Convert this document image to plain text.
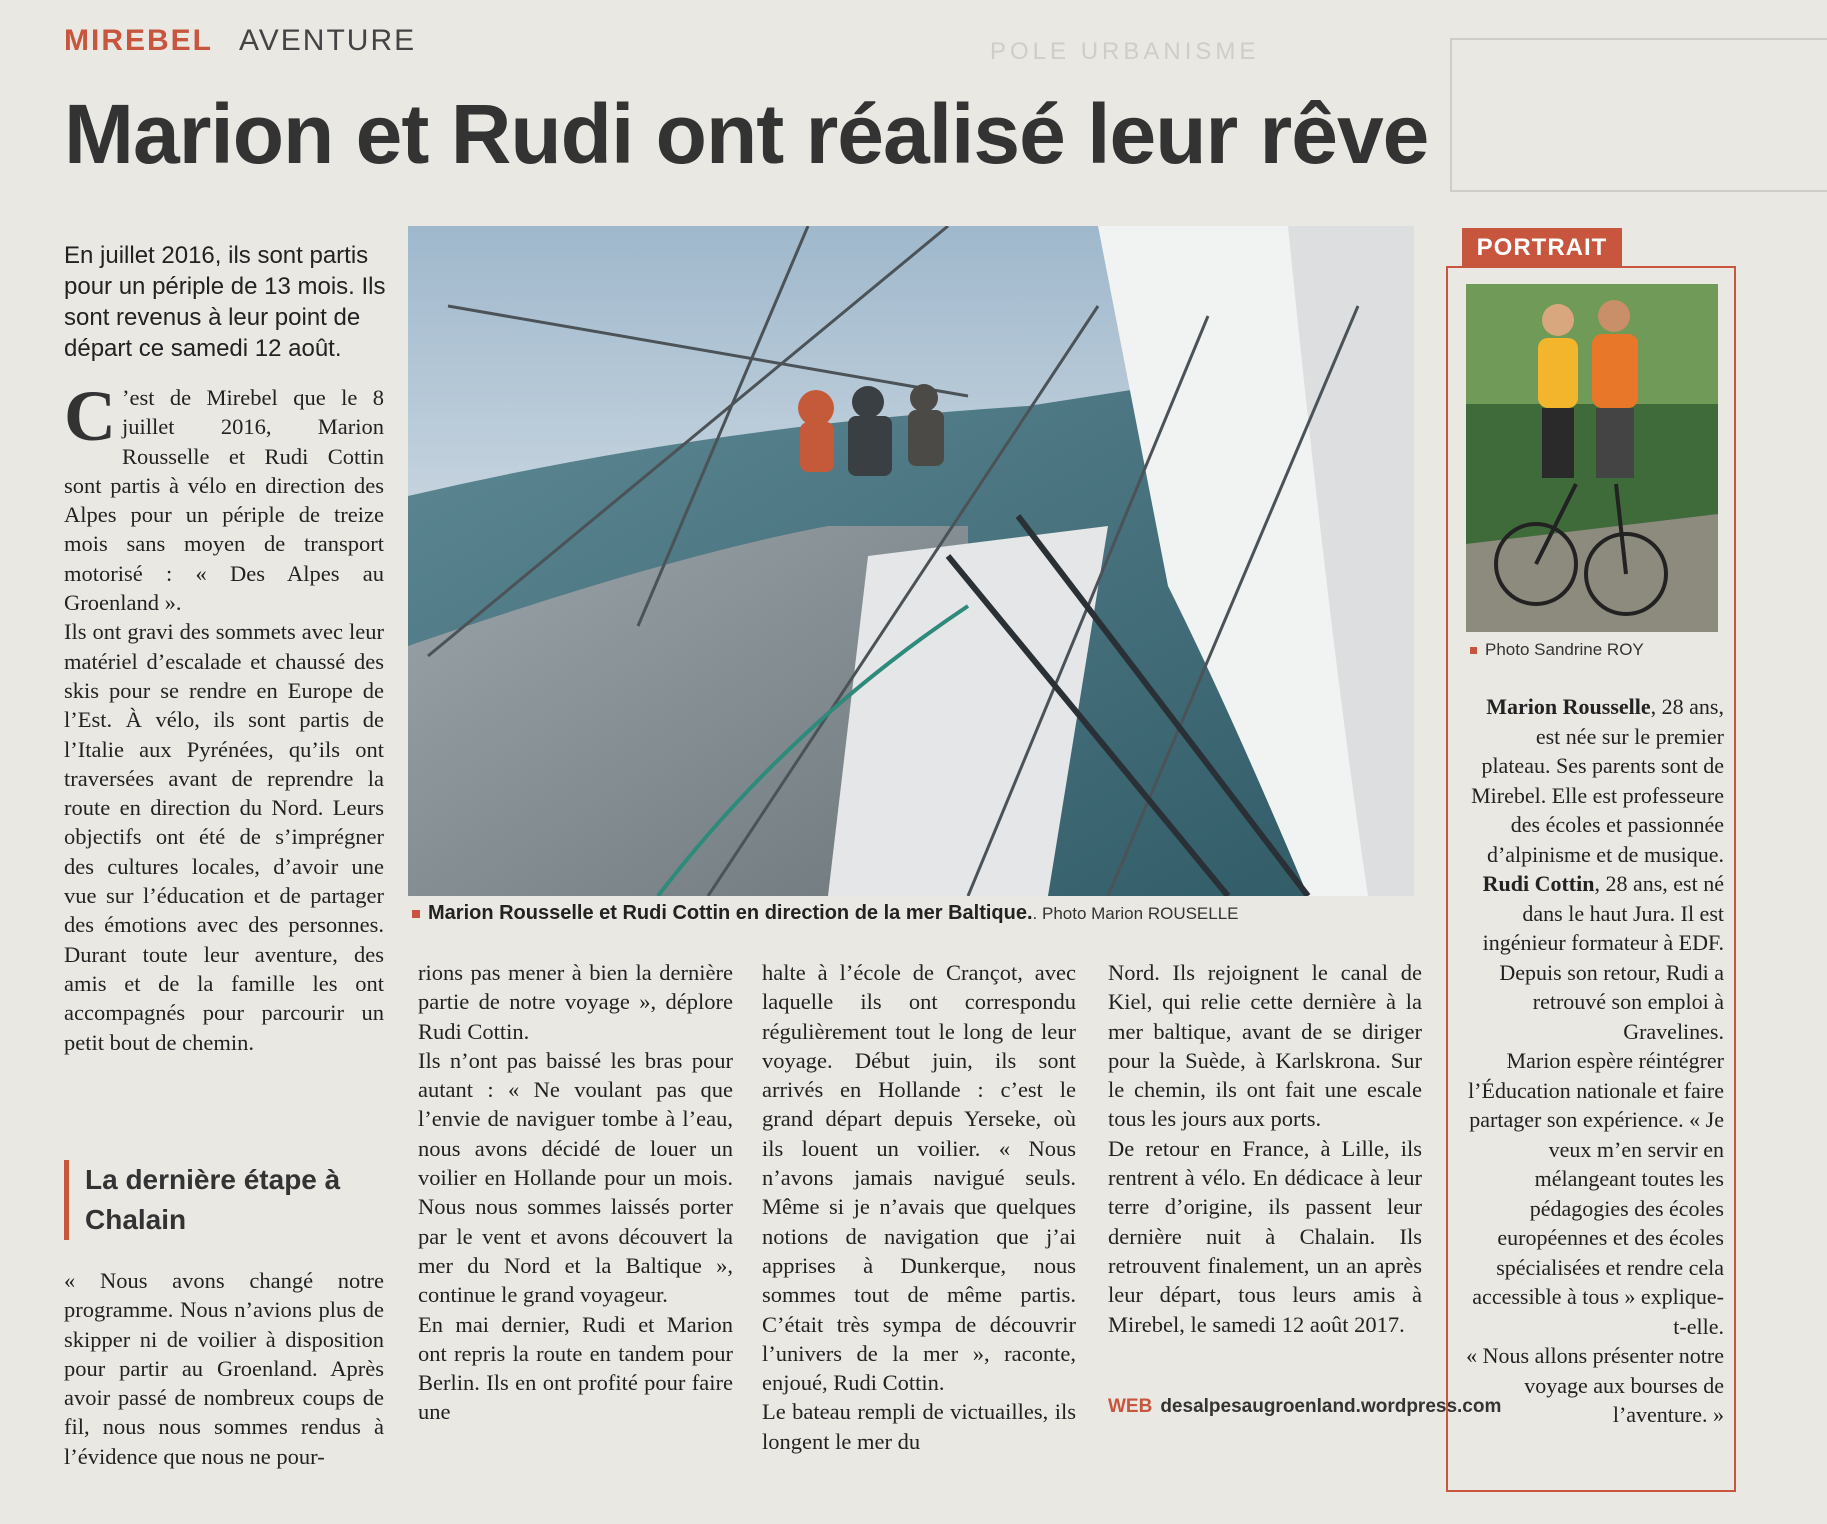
POLE URBANISME
MIREBEL AVENTURE
Marion et Rudi ont réalisé leur rêve
En juillet 2016, ils sont partis pour un périple de 13 mois. Ils sont revenus à leur point de départ ce samedi 12 août.

C ’est de Mirebel que le 8 juillet 2016, Marion Rousselle et Rudi Cottin sont partis à vélo en direction des Alpes pour un périple de treize mois sans moyen de transport motorisé : « Des Alpes au Groenland ».

Ils ont gravi des sommets avec leur matériel d’escalade et chaussé des skis pour se rendre en Europe de l’Est. À vélo, ils sont partis de l’Italie aux Pyrénées, qu’ils ont traversées avant de reprendre la route en direction du Nord. Leurs objectifs ont été de s’imprégner des cultures locales, d’avoir une vue sur l’éducation et de partager des émotions avec des personnes. Durant toute leur aventure, des amis et de la famille les ont accompagnés pour parcourir un petit bout de chemin.

La dernière étape à Chalain

« Nous avons changé notre programme. Nous n’avions plus de skipper ni de voilier à disposition pour partir au Groenland. Après avoir passé de nombreux coups de fil, nous nous sommes rendus à l’évidence que nous ne pour-

Marion Rousselle et Rudi Cottin en direction de la mer Baltique.. Photo Marion ROUSELLE

rions pas mener à bien la dernière partie de notre voyage », déplore Rudi Cottin.

Ils n’ont pas baissé les bras pour autant : « Ne voulant pas que l’envie de naviguer tombe à l’eau, nous avons décidé de louer un voilier en Hollande pour un mois. Nous nous sommes laissés porter par le vent et avons découvert la mer du Nord et la Baltique », continue le grand voyageur.

En mai dernier, Rudi et Marion ont repris la route en tandem pour Berlin. Ils en ont profité pour faire une

halte à l’école de Crançot, avec laquelle ils ont correspondu régulièrement tout le long de leur voyage. Début juin, ils sont arrivés en Hollande : c’est le grand départ depuis Yerseke, où ils louent un voilier. « Nous n’avons jamais navigué seuls. Même si je n’avais que quelques notions de navigation que j’ai apprises à Dunkerque, nous sommes tout de même partis. C’était très sympa de découvrir l’univers de la mer », raconte, enjoué, Rudi Cottin.

Le bateau rempli de victuailles, ils longent le mer du

Nord. Ils rejoignent le canal de Kiel, qui relie cette dernière à la mer baltique, avant de se diriger pour la Suède, à Karlskrona. Sur le chemin, ils ont fait une escale tous les jours aux ports.

De retour en France, à Lille, ils rentrent à vélo. En dédicace à leur terre d’origine, ils passent leur dernière nuit à Chalain. Ils retrouvent finalement, un an après leur départ, tous leurs amis à Mirebel, le samedi 12 août 2017.

WEB desalpesaugroenland.wordpress.com
PORTRAIT
Photo Sandrine ROY

Marion Rousselle, 28 ans, est née sur le premier plateau. Ses parents sont de Mirebel. Elle est professeure des écoles et passionnée d’alpinisme et de musique.

Rudi Cottin, 28 ans, est né dans le haut Jura. Il est ingénieur formateur à EDF. Depuis son retour, Rudi a retrouvé son emploi à Gravelines.

Marion espère réintégrer l’Éducation nationale et faire partager son expérience. « Je veux m’en servir en mélangeant toutes les pédagogies des écoles européennes et des écoles spécialisées et rendre cela accessible à tous » explique-t-elle.

« Nous allons présenter notre voyage aux bourses de l’aventure. »
